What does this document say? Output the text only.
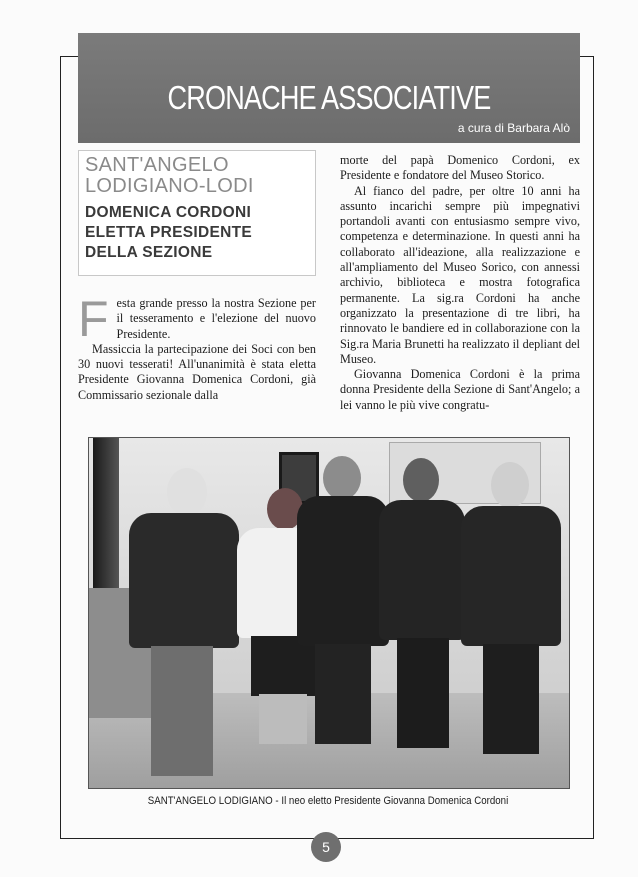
CRONACHE ASSOCIATIVE
a cura di Barbara Alò
SANT'ANGELO
LODIGIANO-LODI
DOMENICA CORDONI
ELETTA PRESIDENTE
DELLA SEZIONE

Festa grande presso la nostra Sezione per il tesseramento e l'elezione del nuovo Presidente.

Massiccia la partecipazione dei Soci con ben 30 nuovi tesserati! All'unanimità è stata eletta Presidente Giovanna Domenica Cordoni, già Commissario sezionale dalla

morte del papà Domenico Cordoni, ex Presidente e fondatore del Museo Storico.

Al fianco del padre, per oltre 10 anni ha assunto incarichi sempre più impegnativi portandoli avanti con entusiasmo sempre vivo, competenza e determinazione. In questi anni ha collaborato all'ideazione, alla realizzazione e all'ampliamento del Museo Sorico, con annessi archivio, biblioteca e mostra fotografica permanente. La sig.ra Cordoni ha anche organizzato la presentazione di tre libri, ha rinnovato le bandiere ed in collaborazione con la Sig.ra Maria Brunetti ha realizzato il depliant del Museo.

Giovanna Domenica Cordoni è la prima donna Presidente della Sezione di Sant'Angelo; a lei vanno le più vive congratu-

SANT'ANGELO LODIGIANO - Il neo eletto Presidente Giovanna Domenica Cordoni
5
